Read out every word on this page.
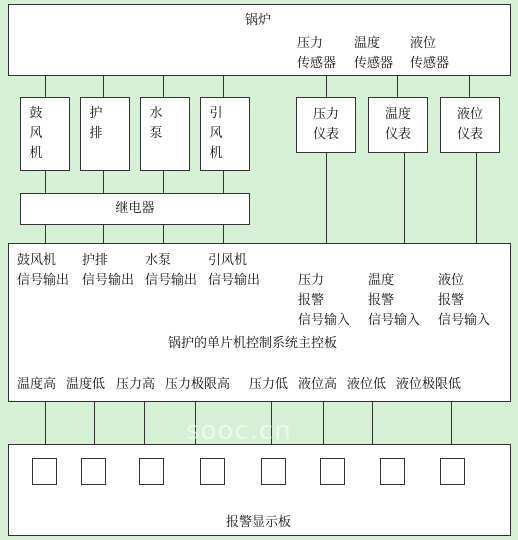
锅炉
压力
传感器
温度
传感器
液位
传感器
鼓
风
机
护
排
水
泵
引
风
机
压力
仪表
温度
仪表
液位
仪表
继电器
鼓风机
信号输出
护排
信号输出
水泵
信号输出
引风机
信号输出	压力
报警
信号输入

温度
报警
信号输入

液位
报警
信号输入

锅护的单片机控制系统主控板
温度高 温度低 压力高 压力极限高 压力低 液位高 液位低 液位极限低
报警显示板
sooc.cn
